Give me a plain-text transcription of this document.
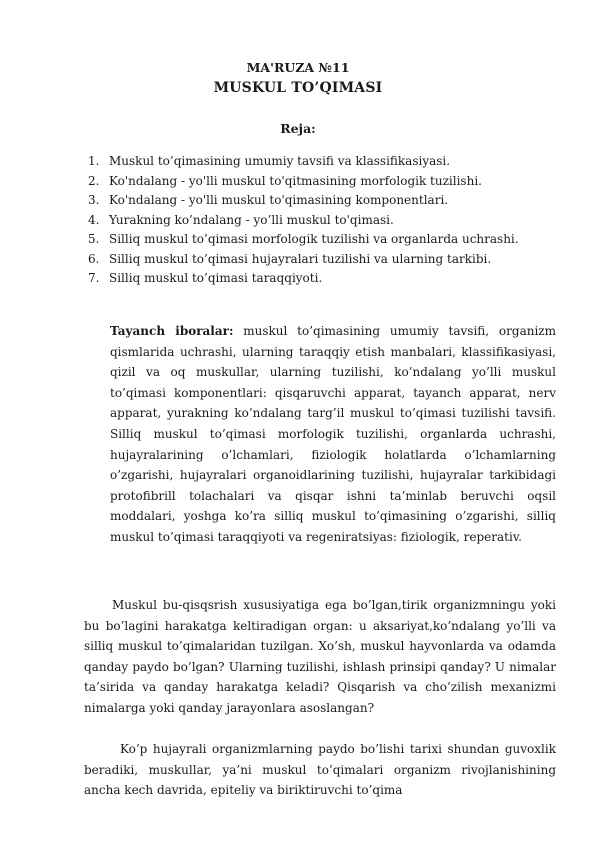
MA'RUZA №11
MUSKUL TO’QIMASI
Reja:
1. Muskul to’qimasining umumiy tavsifi va klassifikasiyasi.
2. Ko'ndalang - yo'lli muskul to'qitmasining morfologik tuzilishi.
3. Ko'ndalang - yo'lli muskul to'qimasining komponentlari.
4. Yurakning ko’ndalang - yo’lli muskul to'qimasi.
5. Silliq muskul to’qimasi morfologik tuzilishi va organlarda uchrashi.
6. Silliq muskul to’qimasi hujayralari tuzilishi va ularning tarkibi.
7. Silliq muskul to’qimasi taraqqiyoti.

Tayanch iboralar: muskul to’qimasining umumiy tavsifi, organizm qismlarida uchrashi, ularning taraqqiy etish manbalari, klassifikasiyasi, qizil va oq muskullar, ularning tuzilishi, ko’ndalang yo’lli muskul to’qimasi komponentlari: qisqaruvchi apparat, tayanch apparat, nerv apparat, yurakning ko’ndalang targ’il muskul to’qimasi tuzilishi tavsifi. Silliq muskul to’qimasi morfologik tuzilishi, organlarda uchrashi, hujayralarining o’lchamlari, fiziologik holatlarda o’lchamlarning o’zgarishi, hujayralari organoidlarining tuzilishi, hujayralar tarkibidagi protofibrill tolachalari va qisqar ishni ta’minlab beruvchi oqsil moddalari, yoshga ko’ra silliq muskul to’qimasining o’zgarishi, silliq muskul to’qimasi taraqqiyoti va regeniratsiyas: fiziologik, reperativ.

Muskul bu-qisqsrish xususiyatiga ega bo’lgan,tirik organizmningu yoki bu bo’lagini harakatga keltiradigan organ: u aksariyat,ko’ndalang yo’lli va silliq muskul to’qimalaridan tuzilgan. Xo’sh, muskul hayvonlarda va odamda qanday paydo bo’lgan? Ularning tuzilishi, ishlash prinsipi qanday? U nimalar ta’sirida va qanday harakatga keladi? Qisqarish va cho’zilish mexanizmi nimalarga yoki qanday jarayonlara asoslangan?

Ko’p hujayrali organizmlarning paydo bo’lishi tarixi shundan guvoxlik beradiki, muskullar, ya’ni muskul to’qimalari organizm rivojlanishining ancha kech davrida, epiteliy va biriktiruvchi to’qima
